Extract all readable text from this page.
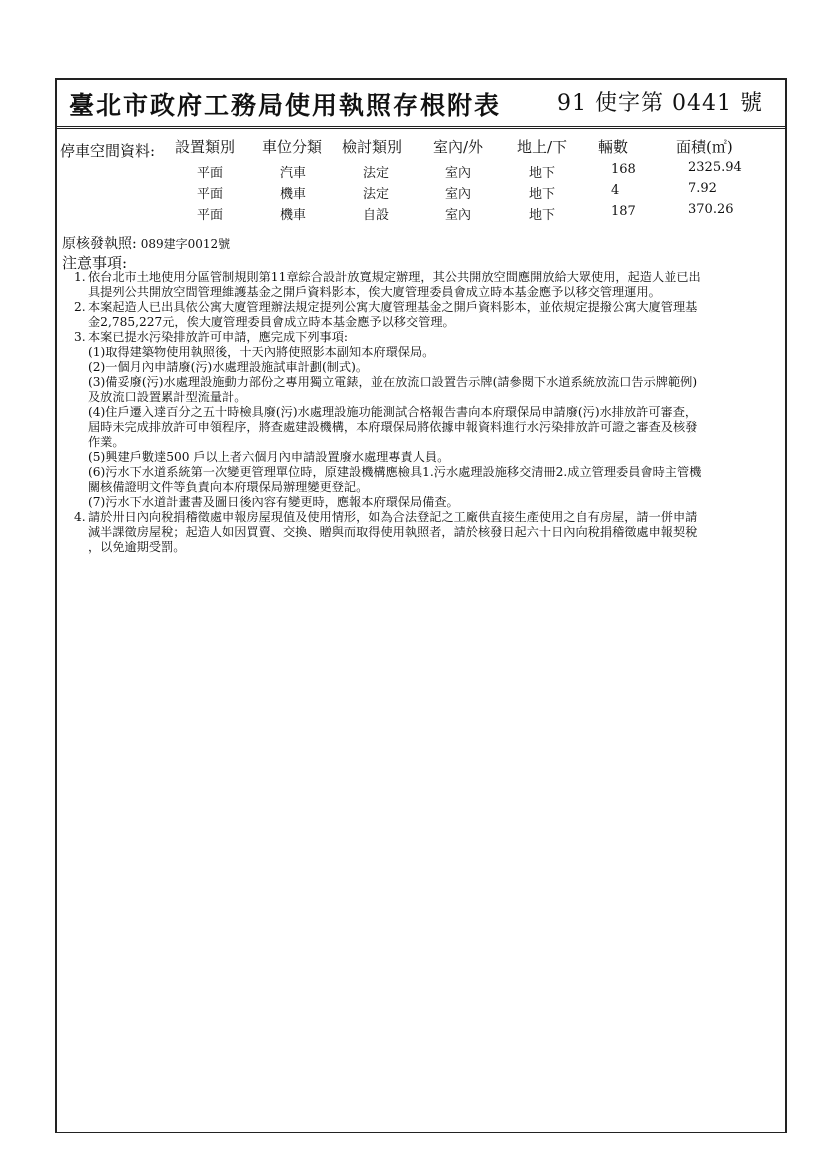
臺北市政府工務局使用執照存根附表	91 使字第 0441 號
停車空間資料: 設置類別 車位分類 檢討類別 室內/外 地上/下 輛數	面積(㎡)
平面	汽車	法定	室內	地下	168	2325.94
平面	機車	法定	室內	地下	4	7.92
平面	機車	自設	室內	地下	187	370.26
原核發執照: 089建字0012號
注意事項:
1. 依台北市土地使用分區管制規則第11章綜合設計放寬規定辦理，其公共開放空間應開放給大眾使用，起造人並已出
具提列公共開放空間管理維護基金之開戶資料影本，俟大廈管理委員會成立時本基金應予以移交管理運用。
2. 本案起造人已出具依公寓大廈管理辦法規定提列公寓大廈管理基金之開戶資料影本，並依規定提撥公寓大廈管理基
金2,785,227元，俟大廈管理委員會成立時本基金應予以移交管理。
3. 本案已提水污染排放許可申請，應完成下列事項:
(1)取得建築物使用執照後，十天內將使照影本副知本府環保局。
(2)一個月內申請廢(污)水處理設施試車計劃(制式)。
(3)備妥廢(污)水處理設施動力部份之專用獨立電錶，並在放流口設置告示牌(請參閱下水道系統放流口告示牌範例)
及放流口設置累計型流量計。
(4)住戶遷入達百分之五十時檢具廢(污)水處理設施功能測試合格報告書向本府環保局申請廢(污)水排放許可審查，
屆時未完成排放許可申領程序，將查處建設機構，本府環保局將依據申報資料進行水污染排放許可證之審查及核發
作業。
(5)興建戶數達500 戶以上者六個月內申請設置廢水處理專責人員。
(6)污水下水道系統第一次變更管理單位時，原建設機構應檢具1.污水處理設施移交清冊2.成立管理委員會時主管機
關核備證明文件等負責向本府環保局辦理變更登記。
(7)污水下水道計畫書及圖日後內容有變更時，應報本府環保局備查。
4. 請於卅日內向稅捐稽徵處申報房屋現值及使用情形，如為合法登記之工廠供直接生產使用之自有房屋，請一併申請
減半課徵房屋稅；起造人如因買賣、交換、贈與而取得使用執照者，請於核發日起六十日內向稅捐稽徵處申報契稅
，以免逾期受罰。
